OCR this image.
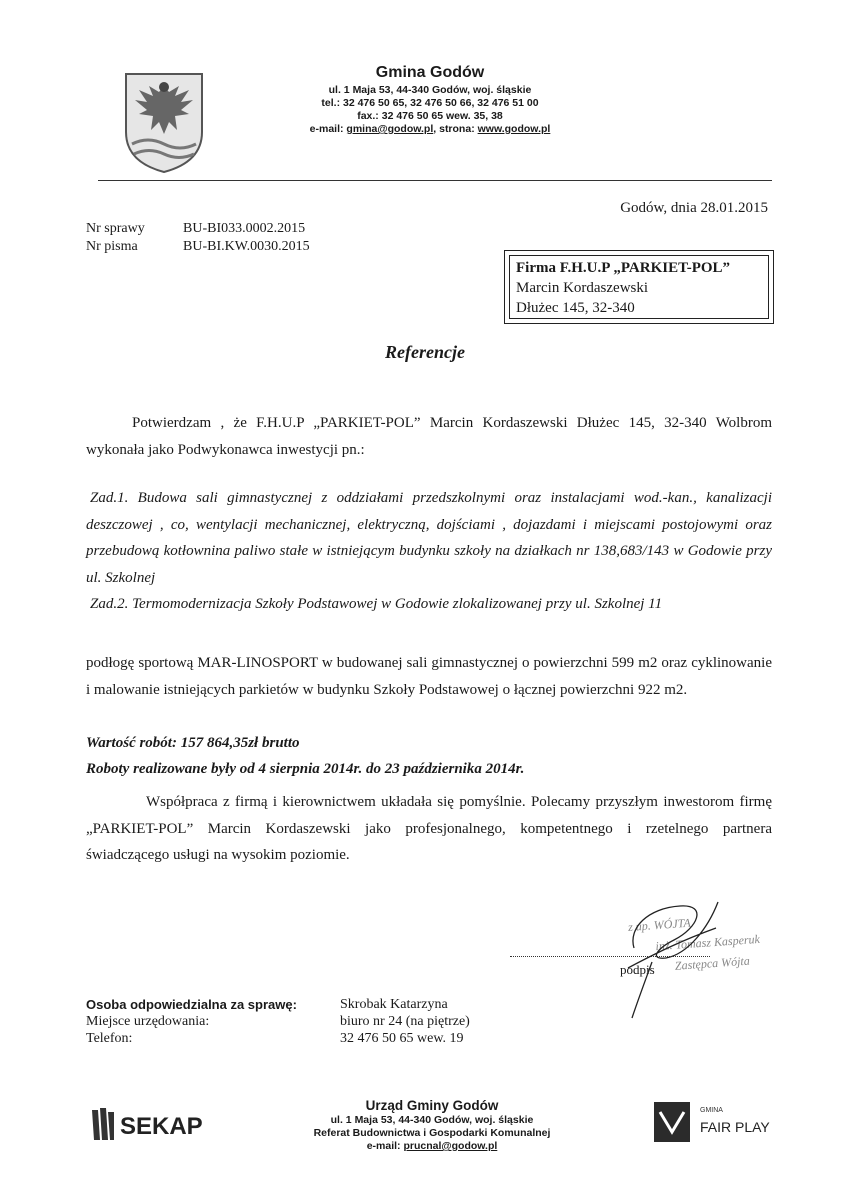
Gmina Godów
ul. 1 Maja 53, 44-340 Godów, woj. śląskie
tel.: 32 476 50 65, 32 476 50 66, 32 476 51 00
fax.: 32 476 50 65 wew. 35, 38
e-mail: gmina@godow.pl, strona: www.godow.pl
Godów, dnia 28.01.2015
Nr sprawy	BU-BI033.0002.2015
Nr pisma	BU-BI.KW.0030.2015
Firma F.H.U.P „PARKIET-POL”
Marcin Kordaszewski
Dłużec 145, 32-340
Referencje
Potwierdzam , że F.H.U.P „PARKIET-POL” Marcin Kordaszewski Dłużec 145, 32-340 Wolbrom wykonała jako Podwykonawca inwestycji pn.:
Zad.1. Budowa sali gimnastycznej z oddziałami przedszkolnymi oraz instalacjami wod.-kan., kanalizacji deszczowej , co, wentylacji mechanicznej, elektryczną, dojściami , dojazdami i miejscami postojowymi oraz przebudową kotłownina paliwo stałe w istniejącym budynku szkoły na działkach nr 138,683/143 w Godowie przy ul. Szkolnej
Zad.2. Termomodernizacja Szkoły Podstawowej w Godowie zlokalizowanej przy ul. Szkolnej 11
podłogę sportową MAR-LINOSPORT w budowanej sali gimnastycznej o powierzchni 599 m2 oraz cyklinowanie i malowanie istniejących parkietów w budynku Szkoły Podstawowej o łącznej powierzchni 922 m2.
Wartość robót: 157 864,35zł brutto
Roboty realizowane były od 4 sierpnia 2014r. do 23 października 2014r.
Współpraca z firmą i kierownictwem układała się pomyślnie. Polecamy przyszłym inwestorom firmę „PARKIET-POL” Marcin Kordaszewski jako profesjonalnego, kompetentnego i rzetelnego partnera świadczącego usługi na wysokim poziomie.
z up. WÓJTA
inż. Tomasz Kasperuk
Zastępca Wójta
podpis
Osoba odpowiedzialna za sprawę:	Skrobak Katarzyna
Miejsce urzędowania:	biuro nr 24 (na piętrze)
Telefon:	32 476 50 65 wew. 19
SEKAP
Urząd Gminy Godów
ul. 1 Maja 53, 44-340 Godów, woj. śląskie
Referat Budownictwa i Gospodarki Komunalnej
e-mail: prucnal@godow.pl
GMINA
FAIR PLAY
